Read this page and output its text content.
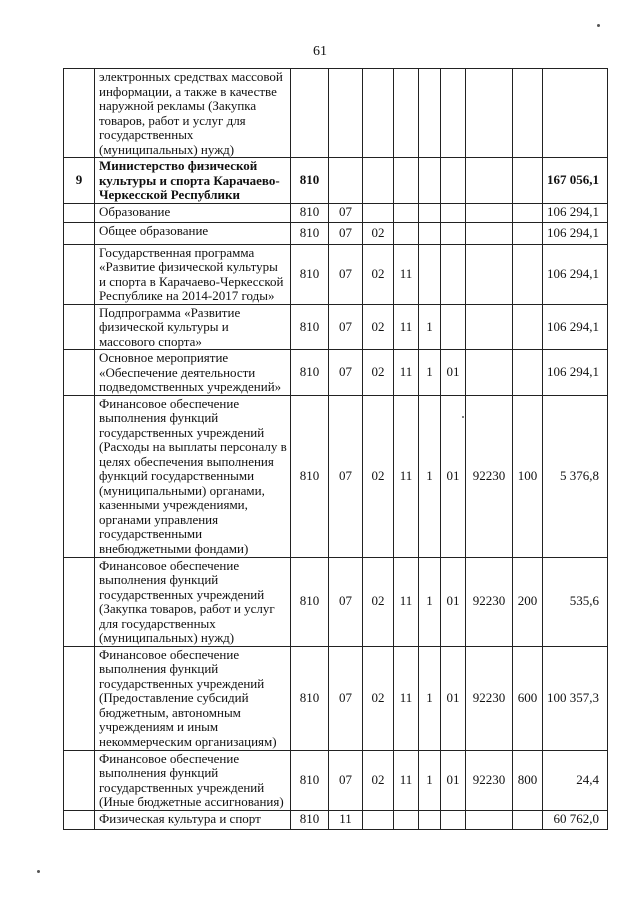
61
	электронных средствах массовой информации, а также в качестве наружной рекламы (Закупка товаров, работ и услуг для государственных (муниципальных) нужд)									
9	Министерство физической культуры и спорта Карачаево-Черкесской Республики	810								167 056,1
	Образование	810	07							106 294,1
	Общее образование	810	07	02						106 294,1
	Государственная программа «Развитие физической культуры и спорта в Карачаево-Черкесской Республике на 2014-2017 годы»	810	07	02	11					106 294,1
	Подпрограмма «Развитие физической культуры и массового спорта»	810	07	02	11	1				106 294,1
	Основное мероприятие «Обеспечение деятельности подведомственных учреждений»	810	07	02	11	1	01			106 294,1
	Финансовое обеспечение выполнения функций государственных учреждений (Расходы на выплаты персоналу в целях обеспечения выполнения функций государственными (муниципальными) органами, казенными учреждениями, органами управления государственными внебюджетными фондами)	810	07	02	11	1	01	92230	100	5 376,8
	Финансовое обеспечение выполнения функций государственных учреждений (Закупка товаров, работ и услуг для государственных (муниципальных) нужд)	810	07	02	11	1	01	92230	200	535,6
	Финансовое обеспечение выполнения функций государственных учреждений (Предоставление субсидий бюджетным, автономным учреждениям и иным некоммерческим организациям)	810	07	02	11	1	01	92230	600	100 357,3
	Финансовое обеспечение выполнения функций государственных учреждений (Иные бюджетные ассигнования)	810	07	02	11	1	01	92230	800	24,4
	Физическая культура и спорт	810	11							60 762,0
